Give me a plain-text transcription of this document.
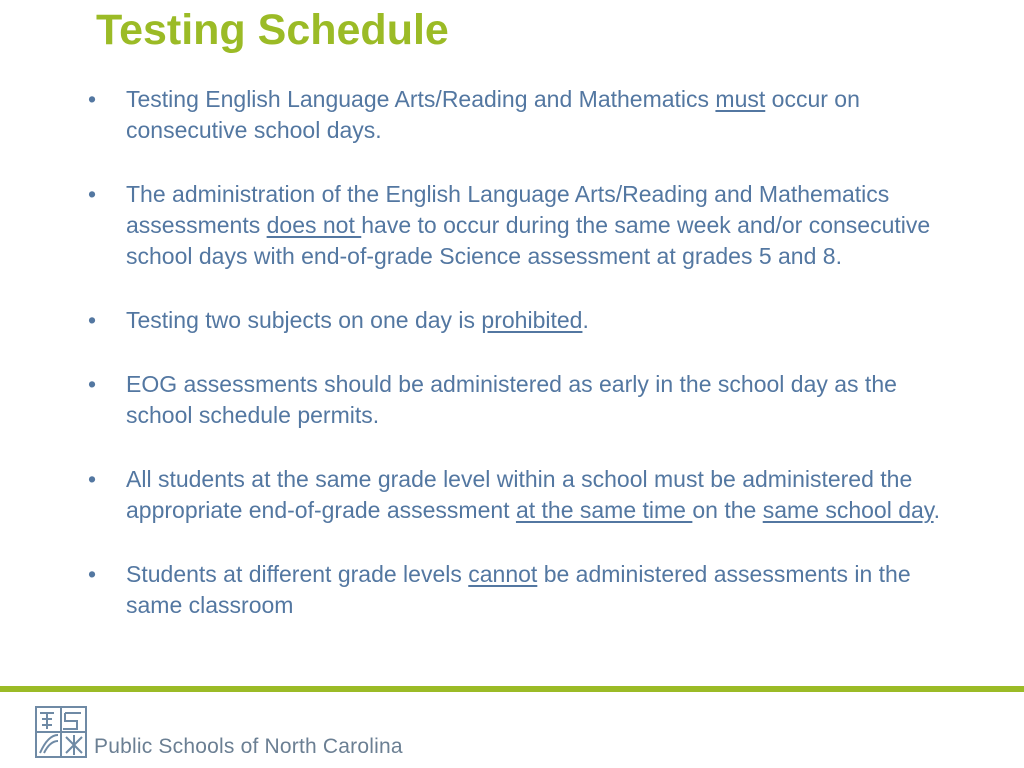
Testing Schedule
• Testing English Language Arts/Reading and Mathematics must occur on consecutive school days.
• The administration of the English Language Arts/Reading and Mathematics assessments does not have to occur during the same week and/or consecutive school days with end-of-grade Science assessment at grades 5 and 8.
• Testing two subjects on one day is prohibited.
• EOG assessments should be administered as early in the school day as the school schedule permits.
• All students at the same grade level within a school must be administered the appropriate end-of-grade assessment at the same time on the same school day.
• Students at different grade levels cannot be administered assessments in the same classroom
Public Schools of North Carolina
